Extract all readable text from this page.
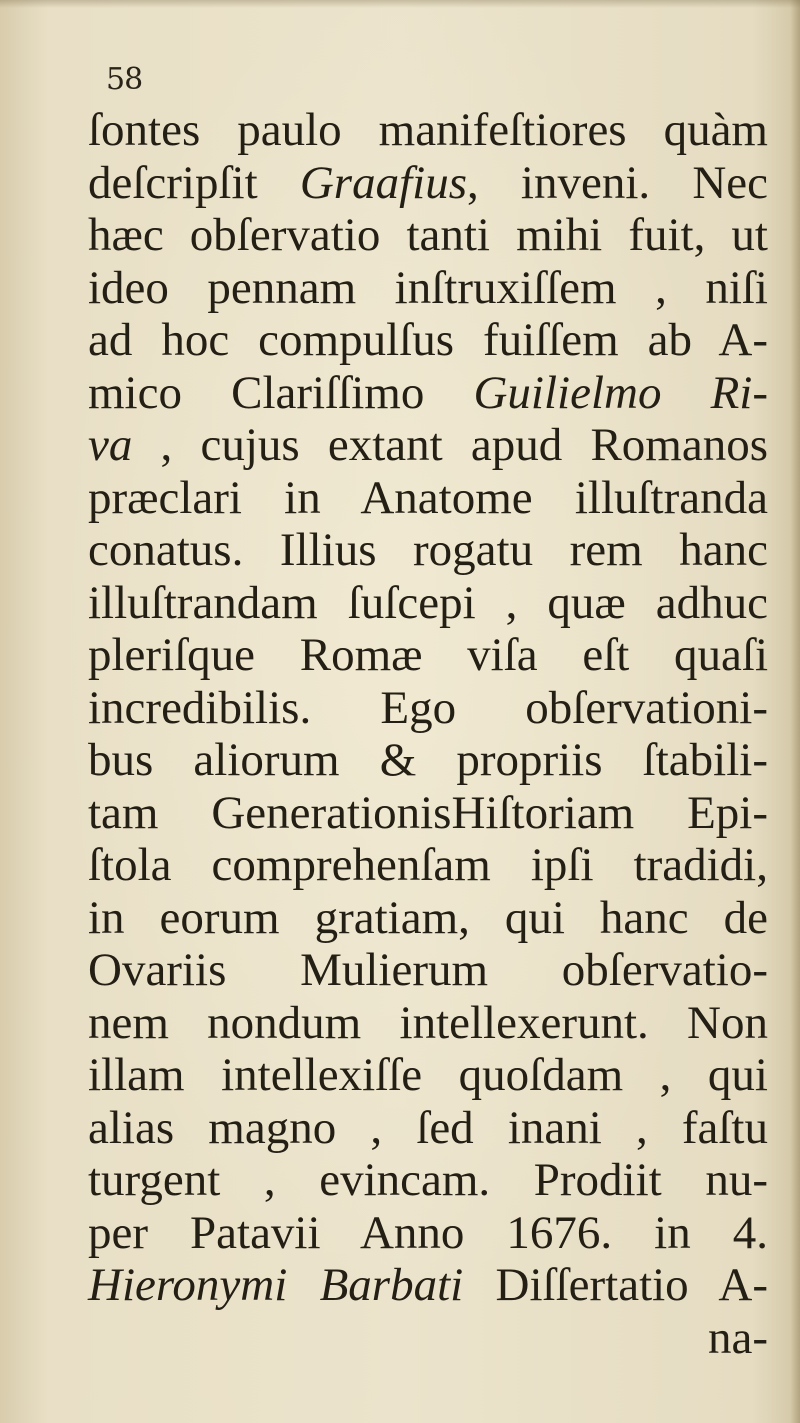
58
ſontes paulo manifeſtiores quàm
deſcripſit Graafius, inveni. Nec
hæc obſervatio tanti mihi fuit, ut
ideo pennam inſtruxiſſem , niſi
ad hoc compulſus fuiſſem ab A-
mico Clariſſimo Guilielmo Ri-
va , cujus extant apud Romanos
præclari in Anatome illuſtranda
conatus. Illius rogatu rem hanc
illuſtrandam ſuſcepi , quæ adhuc
pleriſque Romæ viſa eſt quaſi
incredibilis. Ego obſervationi-
bus aliorum & propriis ſtabili-
tam GenerationisHiſtoriam Epi-
ſtola comprehenſam ipſi tradidi,
in eorum gratiam, qui hanc de
Ovariis Mulierum obſervatio-
nem nondum intellexerunt. Non
illam intellexiſſe quoſdam , qui
alias magno , ſed inani , faſtu
turgent , evincam. Prodiit nu-
per Patavii Anno 1676. in 4.
Hieronymi Barbati Diſſertatio A-
na-
